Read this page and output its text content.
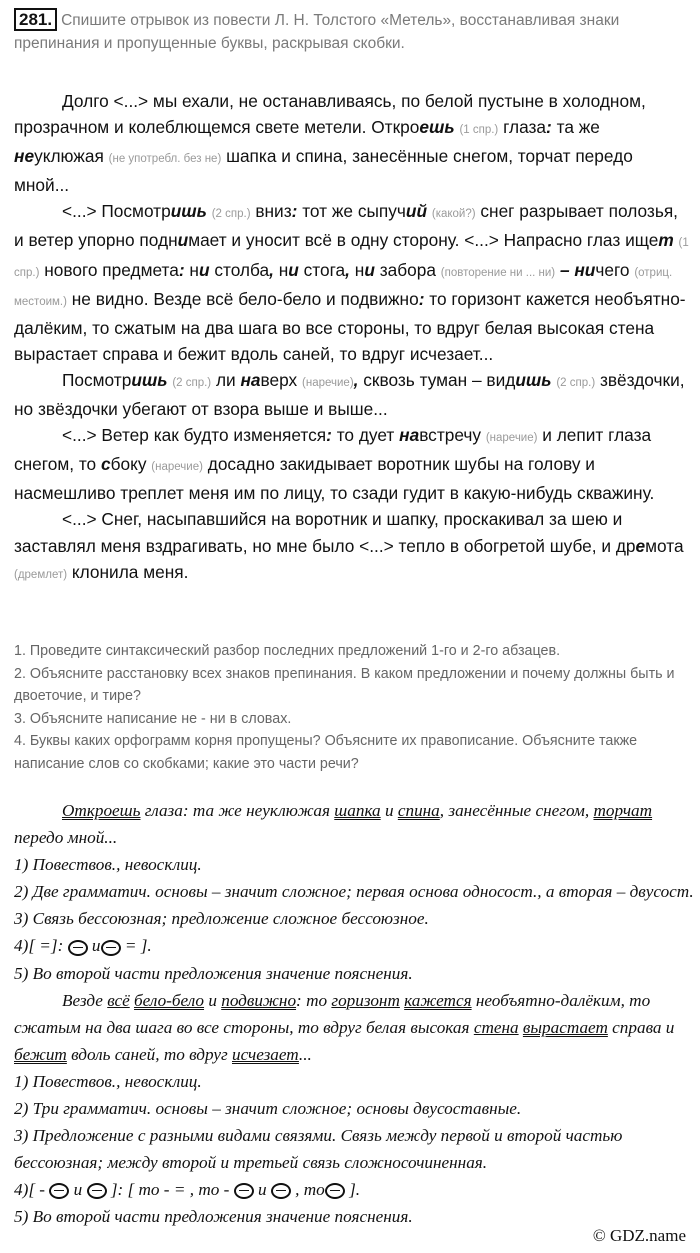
281. Спишите отрывок из повести Л. Н. Толстого «Метель», восстанавливая знаки препинания и пропущенные буквы, раскрывая скобки.

Долго <...> мы ехали, не останавливаясь, по белой пустыне в холодном, прозрачном и колеблющемся свете метели. Откроешь (1 спр.) глаза: та же неуклюжая (не употребл. без не) шапка и спина, занесённые снегом, торчат передо мной...

<...> Посмотришь (2 спр.) вниз: тот же сыпучий (какой?) снег разрывает полозья, и ветер упорно поднимает и уносит всё в одну сторону. <...> Напрасно глаз ищет (1 спр.) нового предмета: ни столба, ни стога, ни забора (повторение ни ... ни) – ничего (отриц. местоим.) не видно. Везде всё бело-бело и подвижно: то горизонт кажется необъятно-далёким, то сжатым на два шага во все стороны, то вдруг белая высокая стена вырастает справа и бежит вдоль саней, то вдруг исчезает...

Посмотришь (2 спр.) ли наверх (наречие), сквозь туман – видишь (2 спр.) звёздочки, но звёздочки убегают от взора выше и выше...

<...> Ветер как будто изменяется: то дует навстречу (наречие) и лепит глаза снегом, то сбоку (наречие) досадно закидывает воротник шубы на голову и насмешливо треплет меня им по лицу, то сзади гудит в какую-нибудь скважину.

<...> Снег, насыпавшийся на воротник и шапку, проскакивал за шею и заставлял меня вздрагивать, но мне было <...> тепло в обогретой шубе, и дремота (дремлет) клонила меня.

1. Проведите синтаксический разбор последних предложений 1-го и 2-го абзацев.

2. Объясните расстановку всех знаков препинания. В каком предложении и почему должны быть и двоеточие, и тире?

3. Объясните написание не - ни в словах.

4. Буквы каких орфограмм корня пропущены? Объясните их правописание. Объясните также написание слов со скобками; какие это части речи?

Откроешь глаза: та же неуклюжая шапка и спина, занесённые снегом, торчат передо мной...

1) Повествов., невосклиц.

2) Две грамматич. основы – значит сложное; первая основа односост., а вторая – двусост.

3) Связь бессоюзная; предложение сложное бессоюзное.

4)[ =]:  и = ].

5) Во второй части предложения значение пояснения.

Везде всё бело-бело и подвижно: то горизонт кажется необъятно-далёким, то сжатым на два шага во все стороны, то вдруг белая высокая стена вырастает справа и бежит вдоль саней, то вдруг исчезает...

1) Повествов., невосклиц.

2) Три грамматич. основы – значит сложное; основы двусоставные.

3) Предложение с разными видами связями. Связь между первой и второй частью бессоюзная; между второй и третьей связь сложносочиненная.

4)[ -  и  ]: [ то - = , то -  и  , то ].

5) Во второй части предложения значение пояснения.

© GDZ.name
